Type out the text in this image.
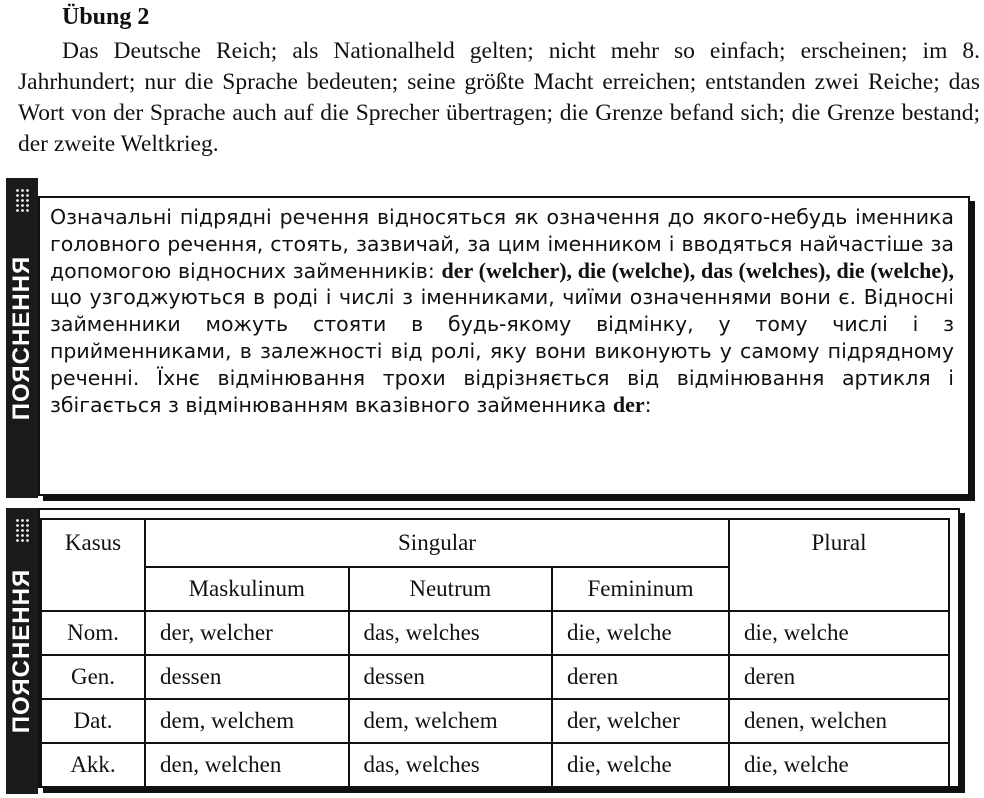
Übung 2
Das Deutsche Reich; als Nationalheld gelten; nicht mehr so einfach; erscheinen; im 8. Jahrhundert; nur die Sprache bedeuten; seine größte Macht erreichen; entstanden zwei Reiche; das Wort von der Sprache auch auf die Sprecher übertragen; die Grenze befand sich; die Grenze bestand; der zweite Weltkrieg.
ПОЯСНЕННЯ
Означальні підрядні речення відносяться як означення до якого-небудь іменника головного речення, стоять, зазвичай, за цим іменником і вводяться найчастіше за допомогою відносних займенників: der (welcher), die (welche), das (welches), die (welche), що узгоджуються в роді і числі з іменниками, чиїми означеннями вони є. Відносні займенники можуть стояти в будь-якому відмінку, у тому числі і з прийменниками, в залежності від ролі, яку вони виконують у самому підрядному реченні. Їхнє відмінювання трохи відрізняється від відмінювання артикля і збігається з відмінюванням вказівного займенника der:
ПОЯСНЕННЯ
Kasus	Singular			Plural
	Maskulinum	Neutrum	Femininum	
Nom.	der, welcher	das, welches	die, welche	die, welche
Gen.	dessen	dessen	deren	deren
Dat.	dem, welchem	dem, welchem	der, welcher	denen, welchen
Akk.	den, welchen	das, welches	die, welche	die, welche
